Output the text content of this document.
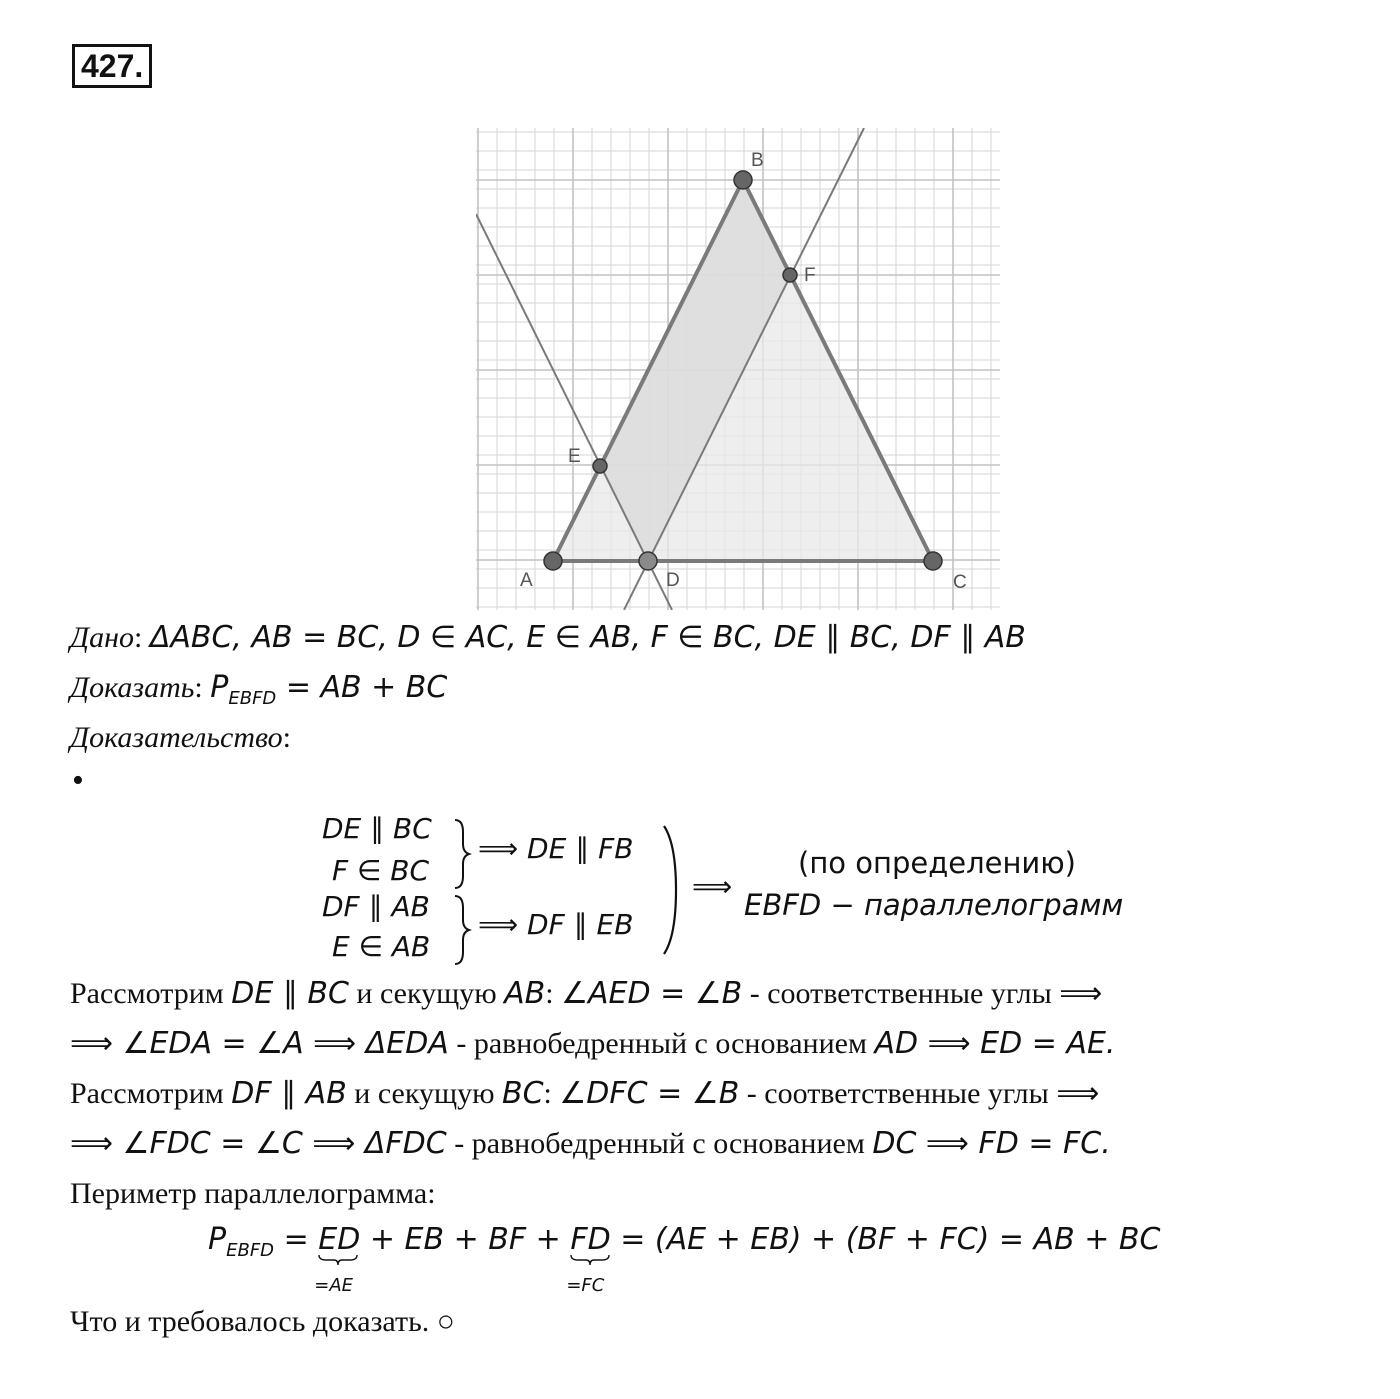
427.
A
B
C
D
E
F
Дано: ΔABC, AB = BC, D ∈ AC, E ∈ AB, F ∈ BC, DE ∥ BC, DF ∥ AB
Доказать: $P_{EBFD}$ = AB + BC
Доказательство:
•
DE ∥ BC
F ∈ BC
DF ∥ AB
E ∈ AB
⟹ DE ∥ FB
⟹ DF ∥ EB
⟹
(по определению)
EBFD − параллелограмм
Рассмотрим DE ∥ BC и секущую AB: ∠AED = ∠B - соответственные углы ⟹
⟹ ∠EDA = ∠A ⟹ ΔEDA - равнобедренный с основанием AD ⟹ ED = AE.
Рассмотрим DF ∥ AB и секущую BC: ∠DFC = ∠B - соответственные углы ⟹
⟹ ∠FDC = ∠C ⟹ ΔFDC - равнобедренный с основанием DC ⟹ FD = FC.
Периметр параллелограмма:
$P_{EBFD}$ = ED
=AE
+ EB + BF + FD
=FC
= (AE + EB) + (BF + FC) = AB + BC
Что и требовалось доказать. ○
